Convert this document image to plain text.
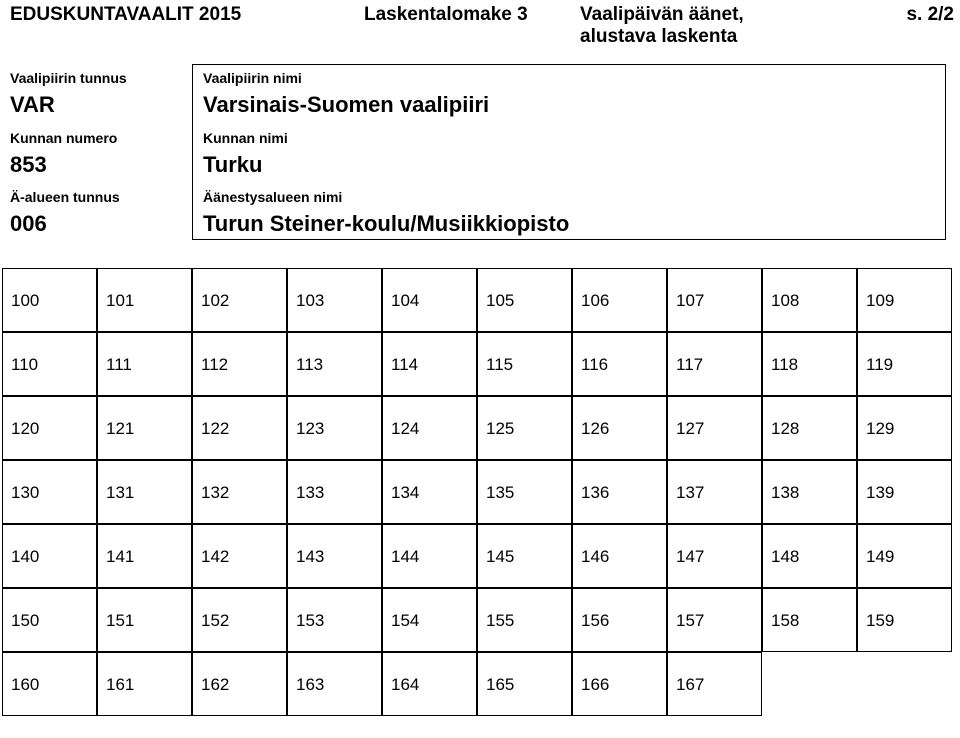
EDUSKUNTAVAALIT 2015	Laskentalomake 3	Vaalipäivän äänet,
alustava laskenta
s. 2/2
Vaalipiirin tunnus
VAR
Kunnan numero
853
Ä-alueen tunnus
006
Vaalipiirin nimi
Varsinais-Suomen vaalipiiri
Kunnan nimi
Turku
Äänestysalueen nimi
Turun Steiner-koulu/Musiikkiopisto
100	101	102	103	104	105	106	107	108	109
110	111	112	113	114	115	116	117	118	119
120	121	122	123	124	125	126	127	128	129
130	131	132	133	134	135	136	137	138	139
140	141	142	143	144	145	146	147	148	149
150	151	152	153	154	155	156	157	158	159
160	161	162	163	164	165	166	167
